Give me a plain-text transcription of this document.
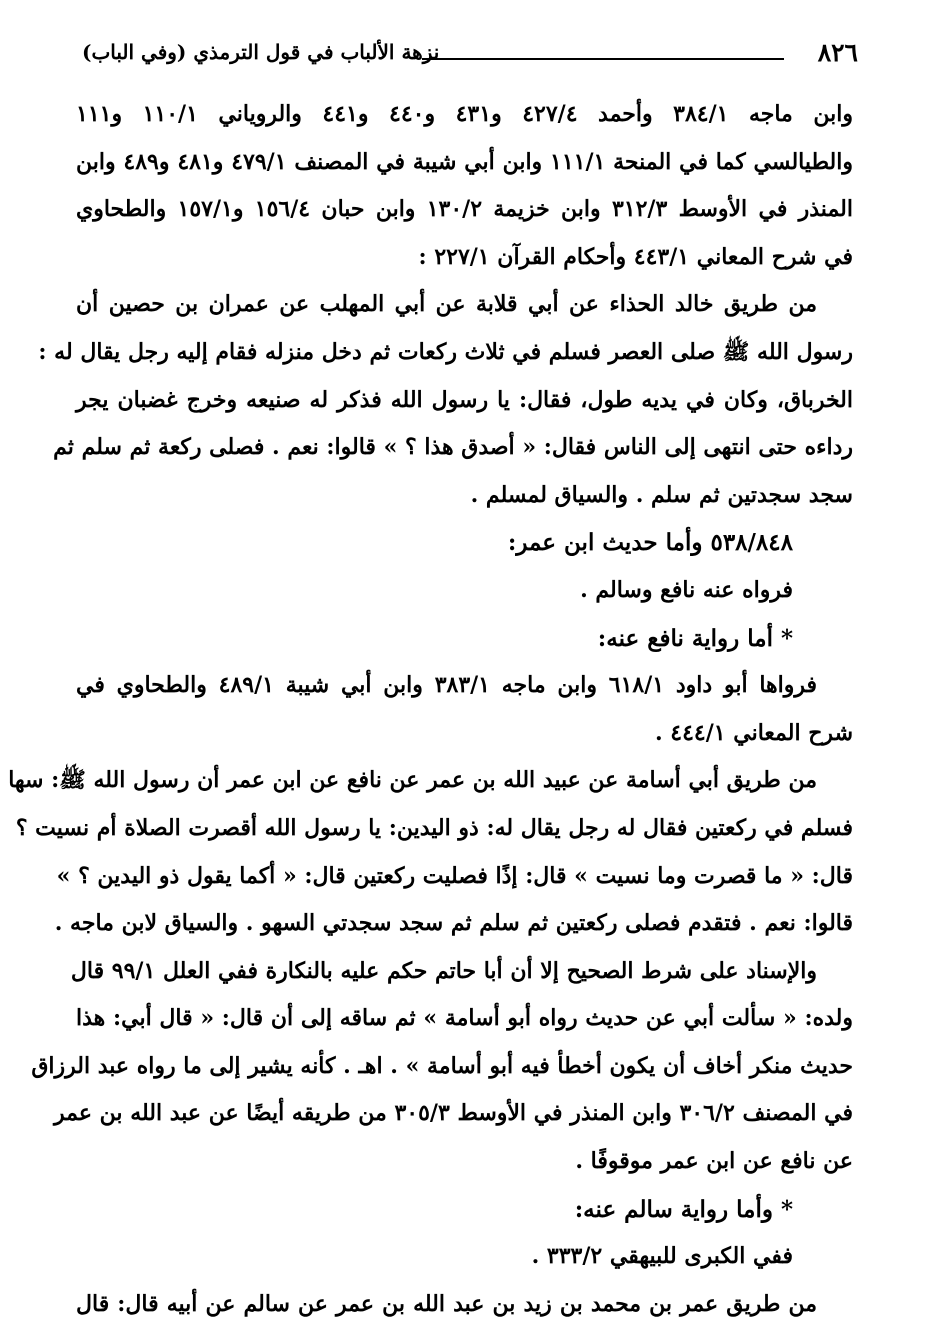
٨٢٦
نزهة الألباب في قول الترمذي (وفي الباب)
وابن ماجه ٣٨٤/١ وأحمد ٤٢٧/٤ و٤٣١ و٤٤٠ و٤٤١ والروياني ١١٠/١ و١١١
والطيالسي كما في المنحة ١١١/١ وابن أبي شيبة في المصنف ٤٧٩/١ و٤٨١ و٤٨٩ وابن
المنذر في الأوسط ٣١٢/٣ وابن خزيمة ١٣٠/٢ وابن حبان ١٥٦/٤ و١٥٧/١ والطحاوي
في شرح المعاني ٤٤٣/١ وأحكام القرآن ٢٢٧/١ :
من طريق خالد الحذاء عن أبي قلابة عن أبي المهلب عن عمران بن حصين أن
رسول الله ﷺ صلى العصر فسلم في ثلاث ركعات ثم دخل منزله فقام إليه رجل يقال له :
الخرباق، وكان في يديه طول، فقال: يا رسول الله فذكر له صنيعه وخرج غضبان يجر
رداءه حتى انتهى إلى الناس فقال: « أصدق هذا ؟ » قالوا: نعم . فصلى ركعة ثم سلم ثم
سجد سجدتين ثم سلم . والسياق لمسلم .
٥٣٨/٨٤٨ وأما حديث ابن عمر:
فرواه عنه نافع وسالم .
* أما رواية نافع عنه:
فرواها أبو داود ٦١٨/١ وابن ماجه ٣٨٣/١ وابن أبي شيبة ٤٨٩/١ والطحاوي في
شرح المعاني ٤٤٤/١ .
من طريق أبي أسامة عن عبيد الله بن عمر عن نافع عن ابن عمر أن رسول الله ﷺ: سها
فسلم في ركعتين فقال له رجل يقال له: ذو اليدين: يا رسول الله أقصرت الصلاة أم نسيت ؟
قال: « ما قصرت وما نسيت » قال: إذًا فصليت ركعتين قال: « أكما يقول ذو اليدين ؟ »
قالوا: نعم . فتقدم فصلى ركعتين ثم سلم ثم سجد سجدتي السهو . والسياق لابن ماجه .
والإسناد على شرط الصحيح إلا أن أبا حاتم حكم عليه بالنكارة ففي العلل ٩٩/١ قال
ولده: « سألت أبي عن حديث رواه أبو أسامة » ثم ساقه إلى أن قال: « قال أبي: هذا
حديث منكر أخاف أن يكون أخطأ فيه أبو أسامة » . اهـ . كأنه يشير إلى ما رواه عبد الرزاق
في المصنف ٣٠٦/٢ وابن المنذر في الأوسط ٣٠٥/٣ من طريقه أيضًا عن عبد الله بن عمر
عن نافع عن ابن عمر موقوفًا .
* وأما رواية سالم عنه:
ففي الكبرى للبيهقي ٣٣٣/٢ .
من طريق عمر بن محمد بن زيد بن عبد الله بن عمر عن سالم عن أبيه قال: قال
